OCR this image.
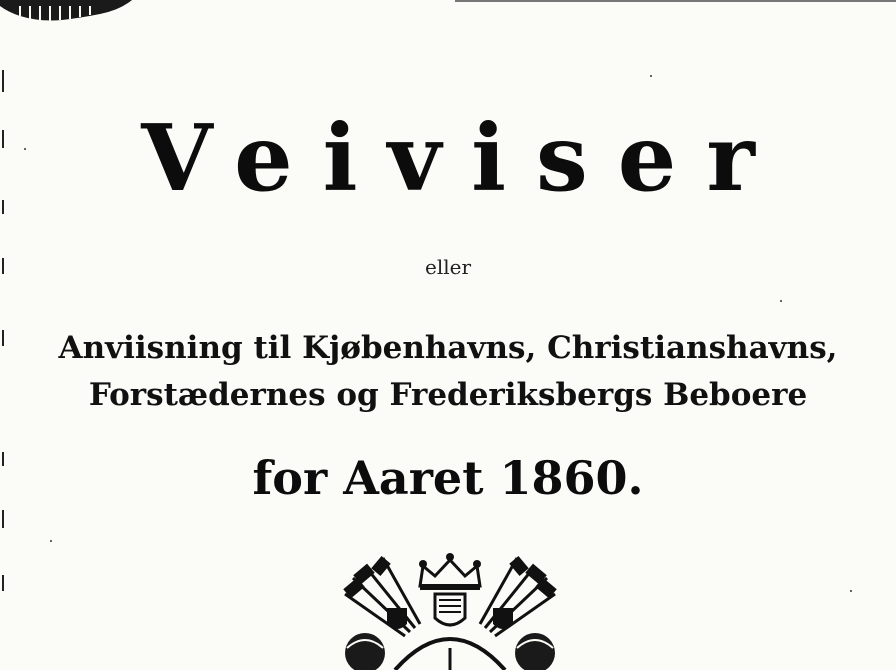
Veiviser
eller
Anviisning til Kjøbenhavns, Christianshavns,
Forstædernes og Frederiksbergs Beboere
for Aaret 1860.
